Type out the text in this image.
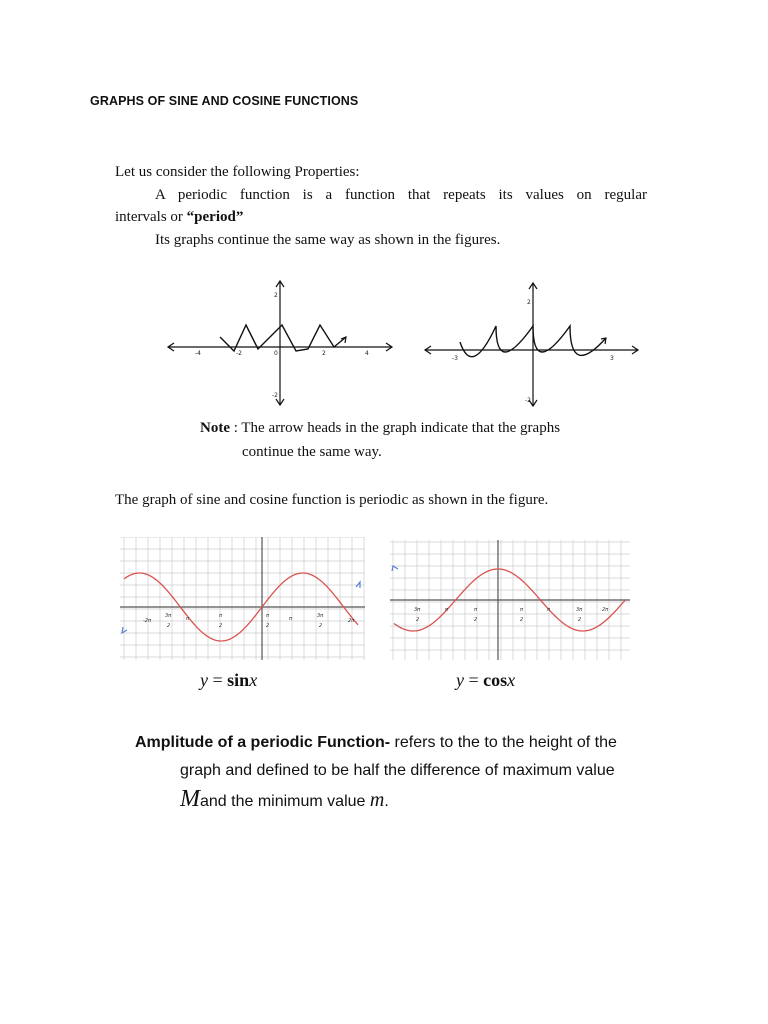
GRAPHS OF SINE AND COSINE FUNCTIONS
Let us consider the following Properties:
A periodic function is a function that repeats its values on regular
intervals or “period”
Its graphs continue the same way as shown in the figures.
-4	-2	0	2	4
2
-2
-3	3
2
-2
Note : The arrow heads in the graph indicate that the graphs
continue the same way.
The graph of sine and cosine function is periodic as shown in the figure.
-2π
3π
2
π	π
2
π
2
π	3π
2
2π
3π
2
π	π
2
π
2
π	3π
2
2π
y = sinx	y = cosx
Amplitude of a periodic Function- refers to the to the height of the
graph and defined to be half the difference of maximum value
Mand the minimum value m.
